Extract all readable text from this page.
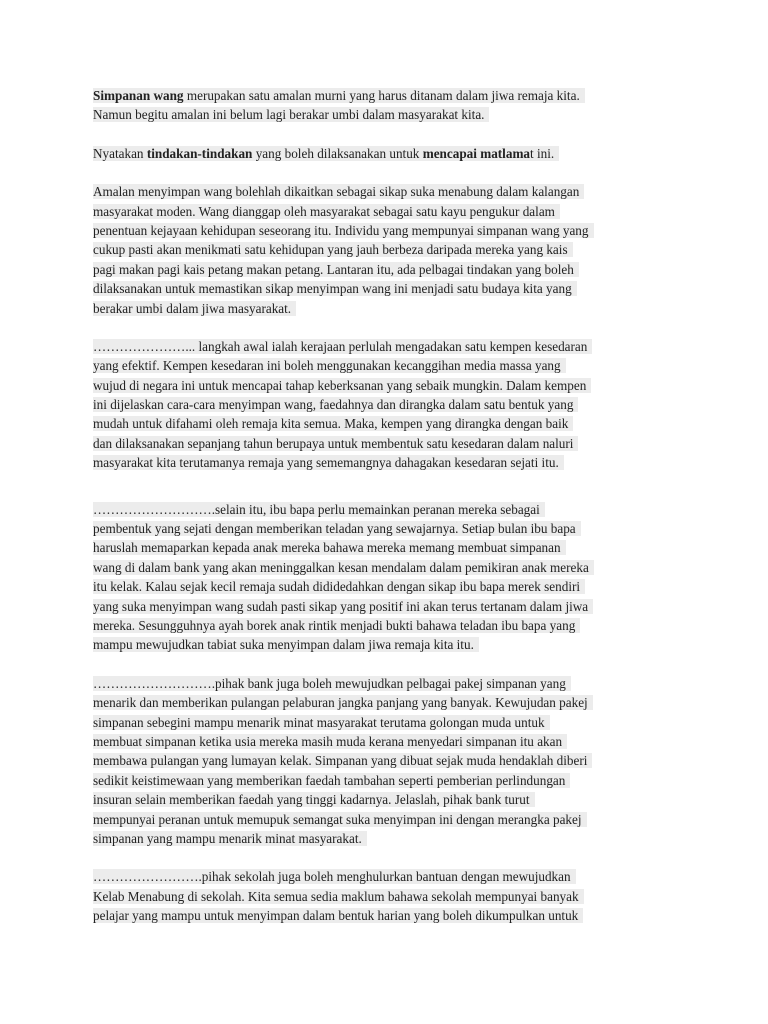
Simpanan wang merupakan satu amalan murni yang harus ditanam dalam jiwa remaja kita.
Namun begitu amalan ini belum lagi berakar umbi dalam masyarakat kita.
Nyatakan tindakan-tindakan yang boleh dilaksanakan untuk mencapai matlamat ini.
Amalan menyimpan wang bolehlah dikaitkan sebagai sikap suka menabung dalam kalangan
masyarakat moden. Wang dianggap oleh masyarakat sebagai satu kayu pengukur dalam
penentuan kejayaan kehidupan seseorang itu. Individu yang mempunyai simpanan wang yang
cukup pasti akan menikmati satu kehidupan yang jauh berbeza daripada mereka yang kais
pagi makan pagi kais petang makan petang. Lantaran itu, ada pelbagai tindakan yang boleh
dilaksanakan untuk memastikan sikap menyimpan wang ini menjadi satu budaya kita yang
berakar umbi dalam jiwa masyarakat.
…………………... langkah awal ialah kerajaan perlulah mengadakan satu kempen kesedaran
yang efektif. Kempen kesedaran ini boleh menggunakan kecanggihan media massa yang
wujud di negara ini untuk mencapai tahap keberksanan yang sebaik mungkin. Dalam kempen
ini dijelaskan cara-cara menyimpan wang, faedahnya dan dirangka dalam satu bentuk yang
mudah untuk difahami oleh remaja kita semua. Maka, kempen yang dirangka dengan baik
dan dilaksanakan sepanjang tahun berupaya untuk membentuk satu kesedaran dalam naluri
masyarakat kita terutamanya remaja yang sememangnya dahagakan kesedaran sejati itu.
……………………….selain itu, ibu bapa perlu memainkan peranan mereka sebagai
pembentuk yang sejati dengan memberikan teladan yang sewajarnya. Setiap bulan ibu bapa
haruslah memaparkan kepada anak mereka bahawa mereka memang membuat simpanan
wang di dalam bank yang akan meninggalkan kesan mendalam dalam pemikiran anak mereka
itu kelak. Kalau sejak kecil remaja sudah dididedahkan dengan sikap ibu bapa merek sendiri
yang suka menyimpan wang sudah pasti sikap yang positif ini akan terus tertanam dalam jiwa
mereka. Sesungguhnya ayah borek anak rintik menjadi bukti bahawa teladan ibu bapa yang
mampu mewujudkan tabiat suka menyimpan dalam jiwa remaja kita itu.
……………………….pihak bank juga boleh mewujudkan pelbagai pakej simpanan yang
menarik dan memberikan pulangan pelaburan jangka panjang yang banyak. Kewujudan pakej
simpanan sebegini mampu menarik minat masyarakat terutama golongan muda untuk
membuat simpanan ketika usia mereka masih muda kerana menyedari simpanan itu akan
membawa pulangan yang lumayan kelak. Simpanan yang dibuat sejak muda hendaklah diberi
sedikit keistimewaan yang memberikan faedah tambahan seperti pemberian perlindungan
insuran selain memberikan faedah yang tinggi kadarnya. Jelaslah, pihak bank turut
mempunyai peranan untuk memupuk semangat suka menyimpan ini dengan merangka pakej
simpanan yang mampu menarik minat masyarakat.
…………………….pihak sekolah juga boleh menghulurkan bantuan dengan mewujudkan
Kelab Menabung di sekolah. Kita semua sedia maklum bahawa sekolah mempunyai banyak
pelajar yang mampu untuk menyimpan dalam bentuk harian yang boleh dikumpulkan untuk
